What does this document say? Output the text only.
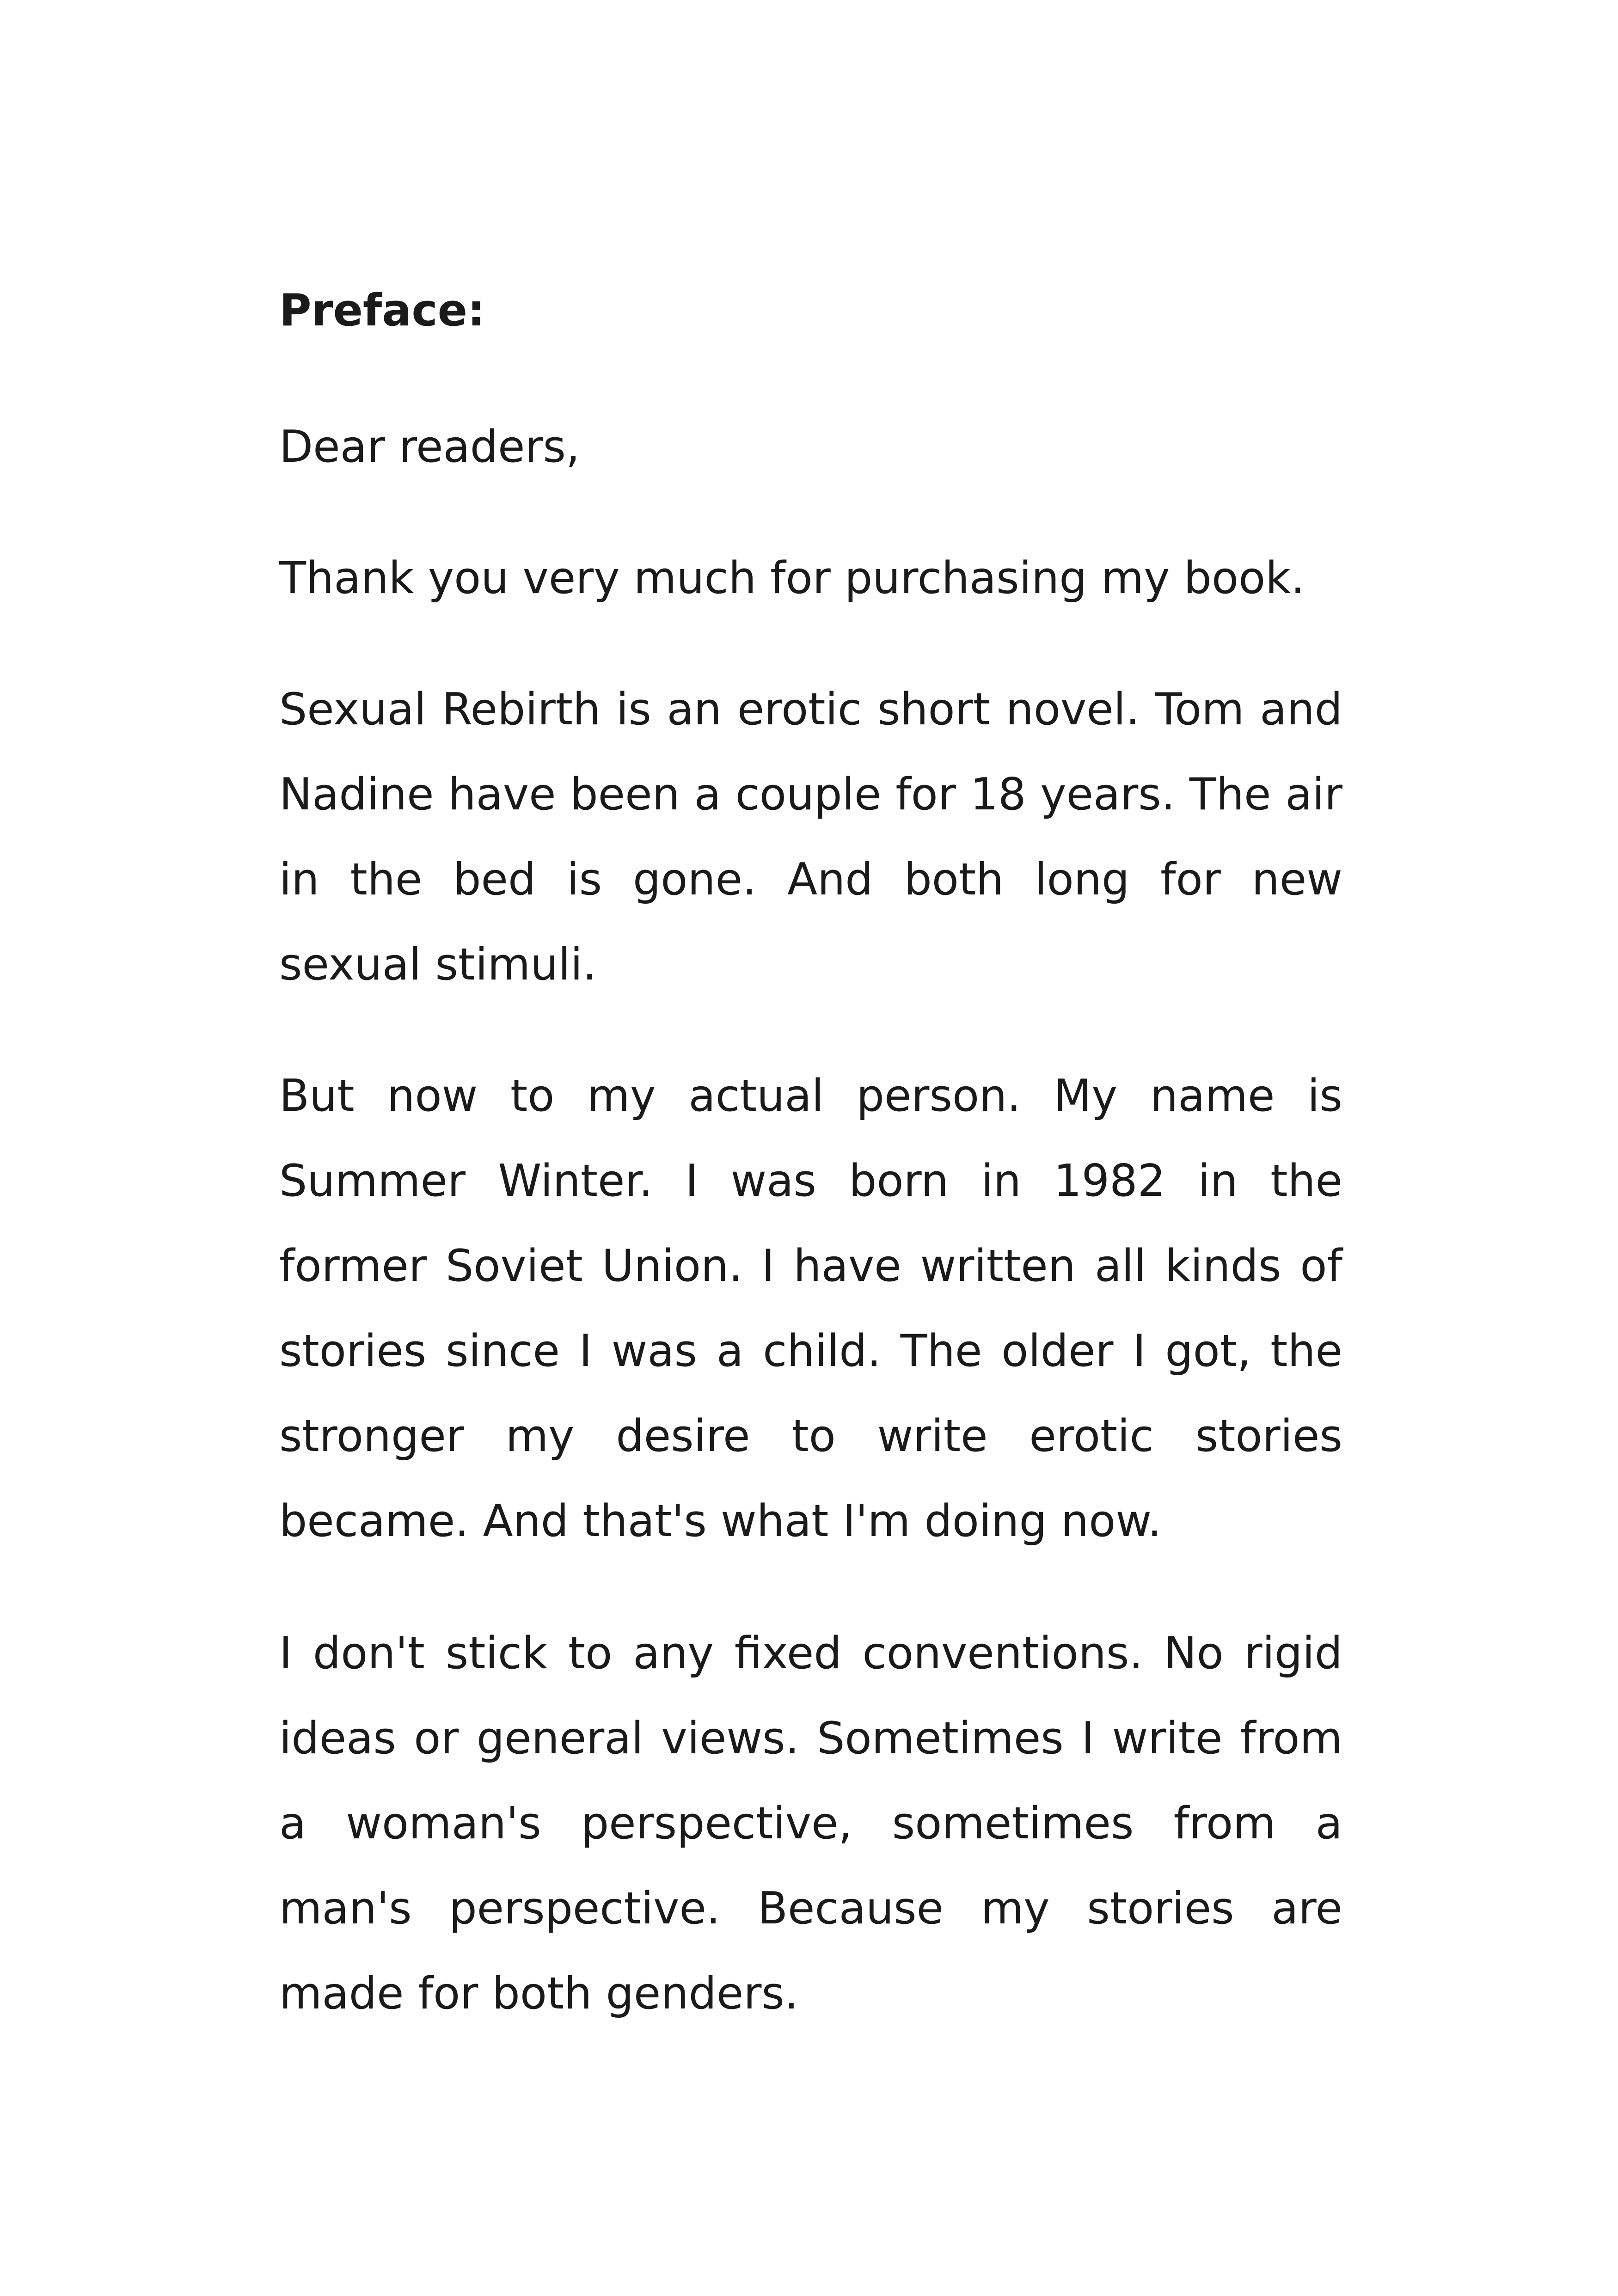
Preface:

Dear readers,

Thank you very much for purchasing my book.

Sexual Rebirth is an erotic short novel. Tom and Nadine have been a couple for 18 years. The air in the bed is gone. And both long for new sexual stimuli.

But now to my actual person. My name is Summer Winter. I was born in 1982 in the former Soviet Union. I have written all kinds of stories since I was a child. The older I got, the stronger my desire to write erotic stories became. And that's what I'm doing now.

I don't stick to any fixed conventions. No rigid ideas or general views. Sometimes I write from a woman's perspective, sometimes from a man's perspective. Because my stories are made for both genders.
